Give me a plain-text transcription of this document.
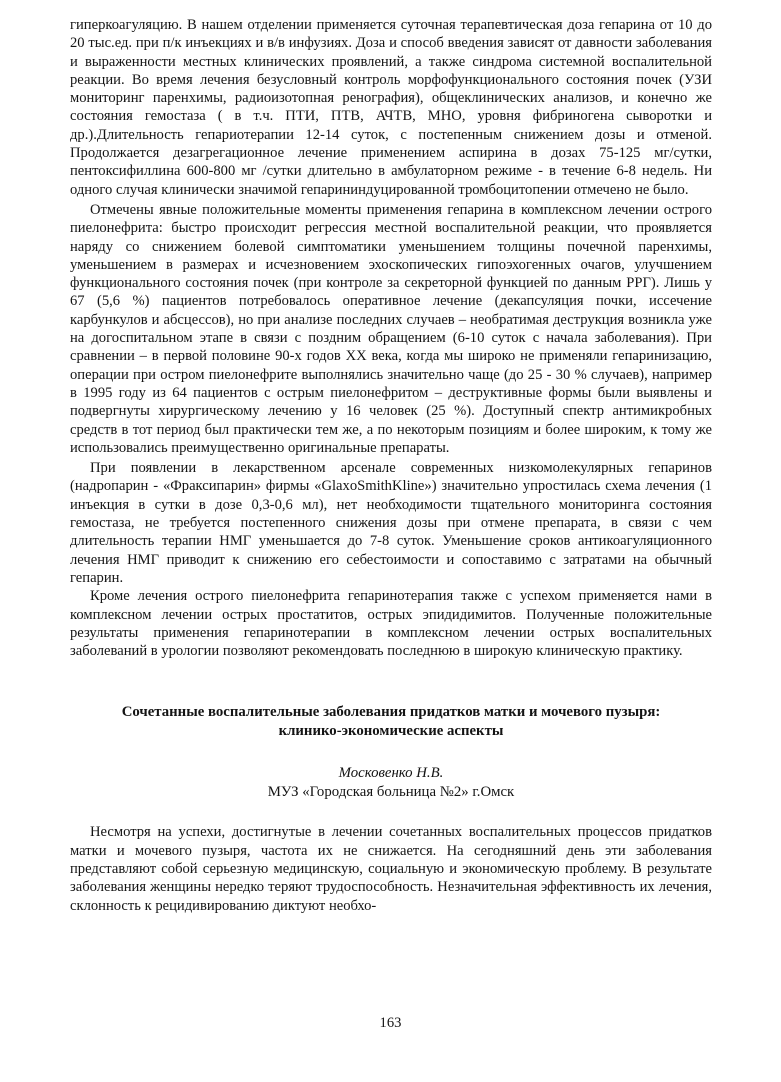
гиперкоагуляцию. В нашем отделении применяется суточная терапевтическая доза гепарина от 10 до 20 тыс.ед. при п/к инъекциях и в/в инфузиях. Доза и способ введения зависят от давности заболевания и выраженности местных клинических проявлений, а также синдрома системной воспалительной реакции. Во время лечения безусловный контроль морфофункционального состояния почек (УЗИ мониторинг паренхимы, радиоизотопная ренография), общеклинических анализов, и конечно же состояния гемостаза ( в т.ч. ПТИ, ПТВ, АЧТВ, МНО, уровня фибриногена сыворотки и др.).Длительность гепариотерапии 12-14 суток, с постепенным снижением дозы и отменой. Продолжается дезагрегационное лечение применением аспирина в дозах 75-125 мг/сутки, пентоксифиллина 600-800 мг /сутки длительно в амбулаторном режиме - в течение 6-8 недель. Ни одного случая клинически значимой гепарининдуцированной тромбоцитопении отмечено не было.

Отмечены явные положительные моменты применения гепарина в комплексном лечении острого пиелонефрита: быстро происходит регрессия местной воспалительной реакции, что проявляется наряду со снижением болевой симптоматики уменьшением толщины почечной паренхимы, уменьшением в размерах и исчезновением эхоскопических гипоэхогенных очагов, улучшением функционального состояния почек (при контроле за секреторной функцией по данным РРГ). Лишь у 67 (5,6 %) пациентов потребовалось оперативное лечение (декапсуляция почки, иссечение карбункулов и абсцессов), но при анализе последних случаев – необратимая деструкция возникла уже на догоспитальном этапе в связи с поздним обращением (6-10 суток с начала заболевания). При сравнении – в первой половине 90-х годов XX века, когда мы широко не применяли гепаринизацию, операции при остром пиелонефрите выполнялись значительно чаще (до 25 - 30 % случаев), например в 1995 году из 64 пациентов с острым пиелонефритом – деструктивные формы были выявлены и подвергнуты хирургическому лечению у 16 человек (25 %). Доступный спектр антимикробных средств в тот период был практически тем же, а по некоторым позициям и более широким, к тому же использовались преимущественно оригинальные препараты.

При появлении в лекарственном арсенале современных низкомолекулярных гепаринов (надропарин - «Фраксипарин» фирмы «GlaxoSmithKline») значительно упростилась схема лечения (1 инъекция в сутки в дозе 0,3-0,6 мл), нет необходимости тщательного мониторинга состояния гемостаза, не требуется постепенного снижения дозы при отмене препарата, в связи с чем длительность терапии НМГ уменьшается до 7-8 суток. Уменьшение сроков антикоагуляционного лечения НМГ приводит к снижению его себестоимости и сопоставимо с затратами на обычный гепарин.

Кроме лечения острого пиелонефрита гепаринотерапия также с успехом применяется нами в комплексном лечении острых простатитов, острых эпидидимитов. Полученные положительные результаты применения гепаринотерапии в комплексном лечении острых воспалительных заболеваний в урологии позволяют рекомендовать последнюю в широкую клиническую практику.

Сочетанные воспалительные заболевания придатков матки и мочевого пузыря:
клинико-экономические аспекты
Московенко Н.В.
МУЗ «Городская больница №2» г.Омск

Несмотря на успехи, достигнутые в лечении сочетанных воспалительных процессов придатков матки и мочевого пузыря, частота их не снижается. На сегодняшний день эти заболевания представляют собой серьезную медицинскую, социальную и экономическую проблему. В результате заболевания женщины нередко теряют трудоспособность. Незначительная эффективность их лечения, склонность к рецидивированию диктуют необхо-

163
